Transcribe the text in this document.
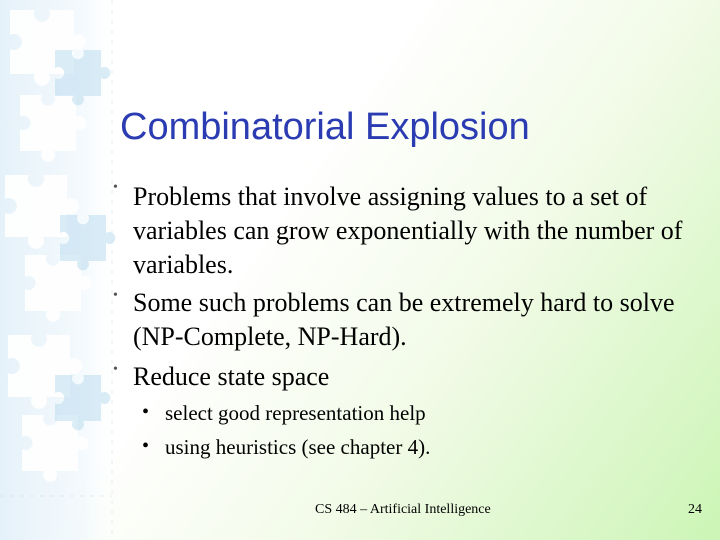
Combinatorial Explosion
• Problems that involve assigning values to a set of variables can grow exponentially with the number of variables.
• Some such problems can be extremely hard to solve (NP-Complete, NP-Hard).
• Reduce state space
• select good representation help
• using heuristics (see chapter 4).
CS 484 – Artificial Intelligence	24
